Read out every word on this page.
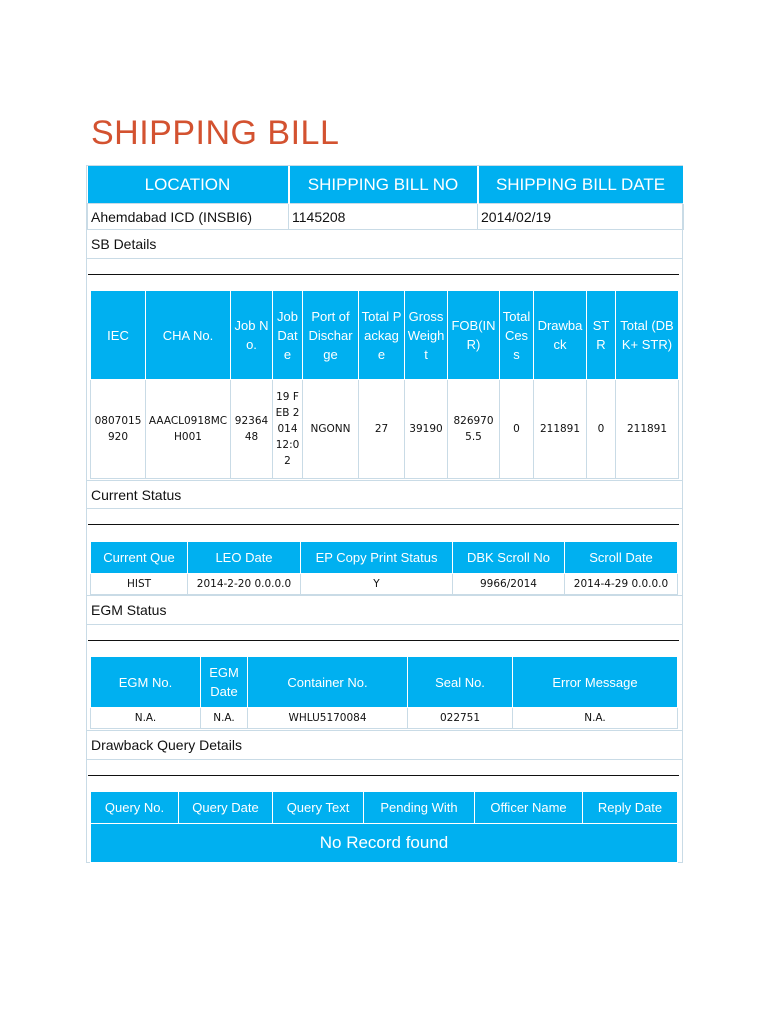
SHIPPING BILL
LOCATION	SHIPPING BILL NO	SHIPPING BILL DATE
Ahemdabad ICD (INSBI6)	1145208	2014/02/19
SB Details
IEC	CHA No.	Job No.	Job Date	Port of Discharge	Total Package	Gross Weight	FOB(INR)	Total Cess	Drawback	STR	Total (DBK+ STR)
0807015920	AAACL0918MCH001	9236448	19 FEB 2014 12:02	NGONN	27	39190	8269705.5	0	211891	0	211891
Current Status
Current Que	LEO Date	EP Copy Print Status	DBK Scroll No	Scroll Date
HIST	2014-2-20 0.0.0.0	Y	9966/2014	2014-4-29 0.0.0.0
EGM Status
EGM No.	EGM Date	Container No.	Seal No.	Error Message
N.A.	N.A.	WHLU5170084	022751	N.A.
Drawback Query Details
Query No.	Query Date	Query Text	Pending With	Officer Name	Reply Date
No Record found
